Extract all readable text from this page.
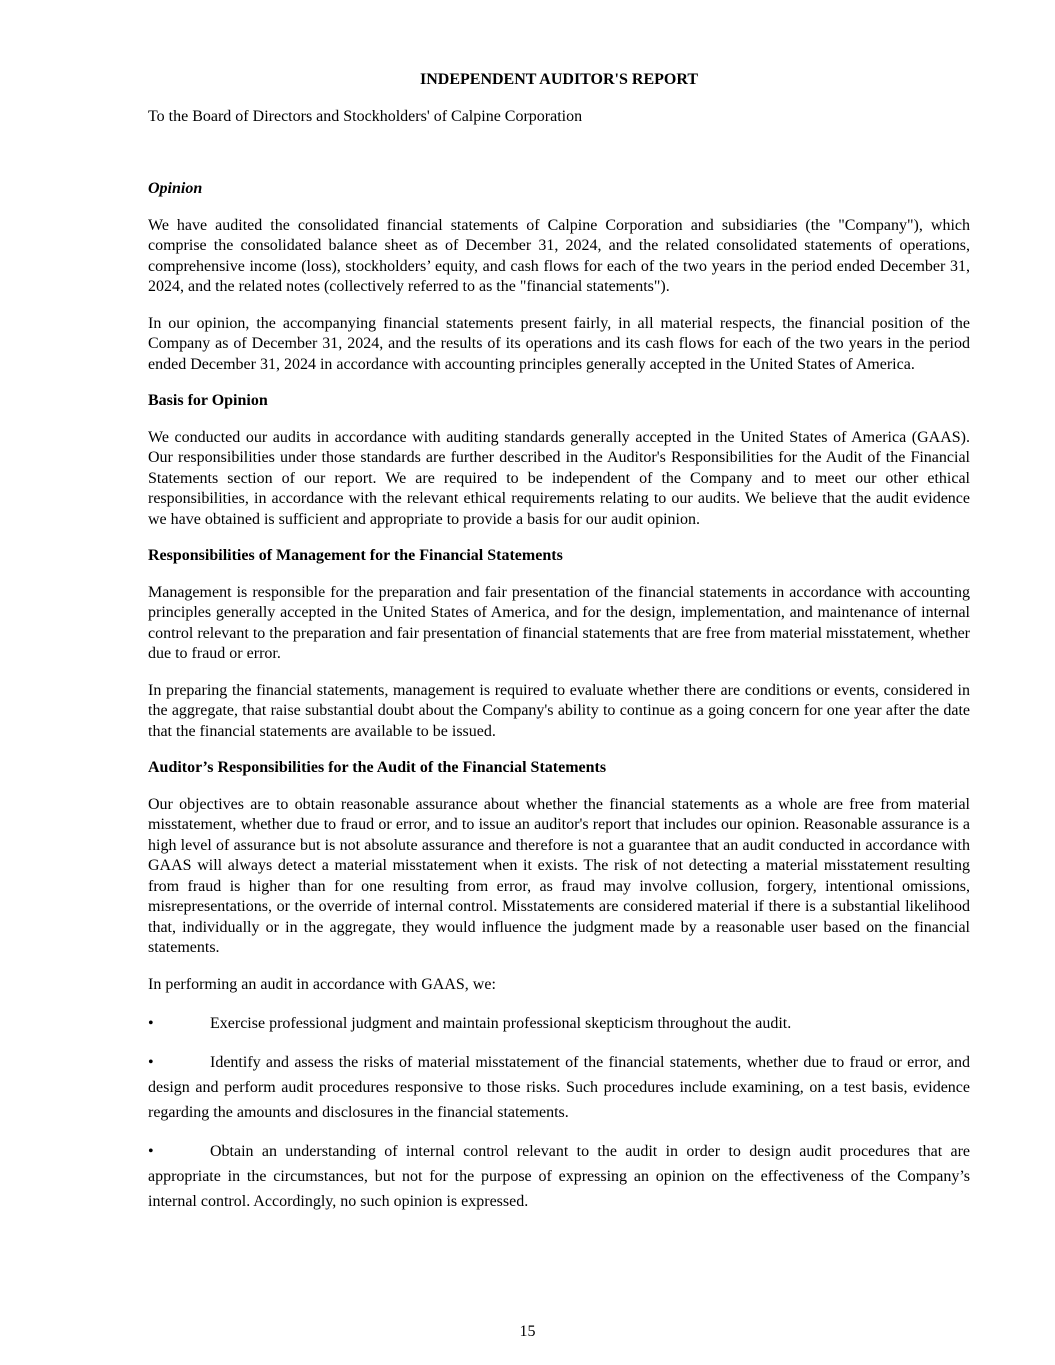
INDEPENDENT AUDITOR'S REPORT

To the Board of Directors and Stockholders' of Calpine Corporation

Opinion

We have audited the consolidated financial statements of Calpine Corporation and subsidiaries (the "Company"), which comprise the consolidated balance sheet as of December 31, 2024, and the related consolidated statements of operations, comprehensive income (loss), stockholders’ equity, and cash flows for each of the two years in the period ended December 31, 2024, and the related notes (collectively referred to as the "financial statements").

In our opinion, the accompanying financial statements present fairly, in all material respects, the financial position of the Company as of December 31, 2024, and the results of its operations and its cash flows for each of the two years in the period ended December 31, 2024 in accordance with accounting principles generally accepted in the United States of America.

Basis for Opinion

We conducted our audits in accordance with auditing standards generally accepted in the United States of America (GAAS). Our responsibilities under those standards are further described in the Auditor's Responsibilities for the Audit of the Financial Statements section of our report. We are required to be independent of the Company and to meet our other ethical responsibilities, in accordance with the relevant ethical requirements relating to our audits. We believe that the audit evidence we have obtained is sufficient and appropriate to provide a basis for our audit opinion.

Responsibilities of Management for the Financial Statements

Management is responsible for the preparation and fair presentation of the financial statements in accordance with accounting principles generally accepted in the United States of America, and for the design, implementation, and maintenance of internal control relevant to the preparation and fair presentation of financial statements that are free from material misstatement, whether due to fraud or error.

In preparing the financial statements, management is required to evaluate whether there are conditions or events, considered in the aggregate, that raise substantial doubt about the Company's ability to continue as a going concern for one year after the date that the financial statements are available to be issued.

Auditor’s Responsibilities for the Audit of the Financial Statements

Our objectives are to obtain reasonable assurance about whether the financial statements as a whole are free from material misstatement, whether due to fraud or error, and to issue an auditor's report that includes our opinion. Reasonable assurance is a high level of assurance but is not absolute assurance and therefore is not a guarantee that an audit conducted in accordance with GAAS will always detect a material misstatement when it exists. The risk of not detecting a material misstatement resulting from fraud is higher than for one resulting from error, as fraud may involve collusion, forgery, intentional omissions, misrepresentations, or the override of internal control. Misstatements are considered material if there is a substantial likelihood that, individually or in the aggregate, they would influence the judgment made by a reasonable user based on the financial statements.

In performing an audit in accordance with GAAS, we:

•	Exercise professional judgment and maintain professional skepticism throughout the audit.
•	Identify and assess the risks of material misstatement of the financial statements, whether due to fraud or error, and design and perform audit procedures responsive to those risks. Such procedures include examining, on a test basis, evidence regarding the amounts and disclosures in the financial statements.
•	Obtain an understanding of internal control relevant to the audit in order to design audit procedures that are appropriate in the circumstances, but not for the purpose of expressing an opinion on the effectiveness of the Company’s internal control. Accordingly, no such opinion is expressed.
15
